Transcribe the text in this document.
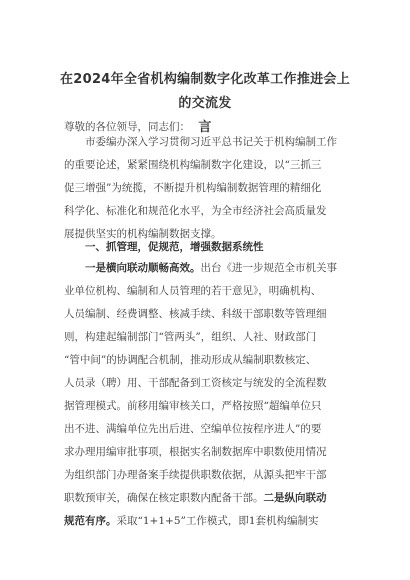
在2024年全省机构编制数字化改革工作推进会上的交流发
言
尊敬的各位领导，同志们：
市委编办深入学习贯彻习近平总书记关于机构编制工作
的重要论述，紧紧围绕机构编制数字化建设，以“三抓三
促三增强”为统揽，不断提升机构编制数据管理的精细化
科学化、标准化和规范化水平，为全市经济社会高质量发
展提供坚实的机构编制数据支撑。
一、抓管理，促规范，增强数据系统性
一是横向联动顺畅高效。出台《进一步规范全市机关事
业单位机构、编制和人员管理的若干意见》，明确机构、
人员编制、经费调整、核减手续、科级干部职数等管理细
则，构建起编制部门“管两头”，组织、人社、财政部门
“管中间”的协调配合机制，推动形成从编制职数核定、
人员录（聘）用、干部配备到工资核定与统发的全流程数
据管理模式。前移用编审核关口，严格按照“超编单位只
出不进、满编单位先出后进、空编单位按程序进人”的要
求办理用编审批事项，根据实名制数据库中职数使用情况
为组织部门办理备案手续提供职数依据，从源头把牢干部
职数预审关，确保在核定职数内配备干部。二是纵向联动
规范有序。采取“1+1+5”工作模式，即1套机构编制实
